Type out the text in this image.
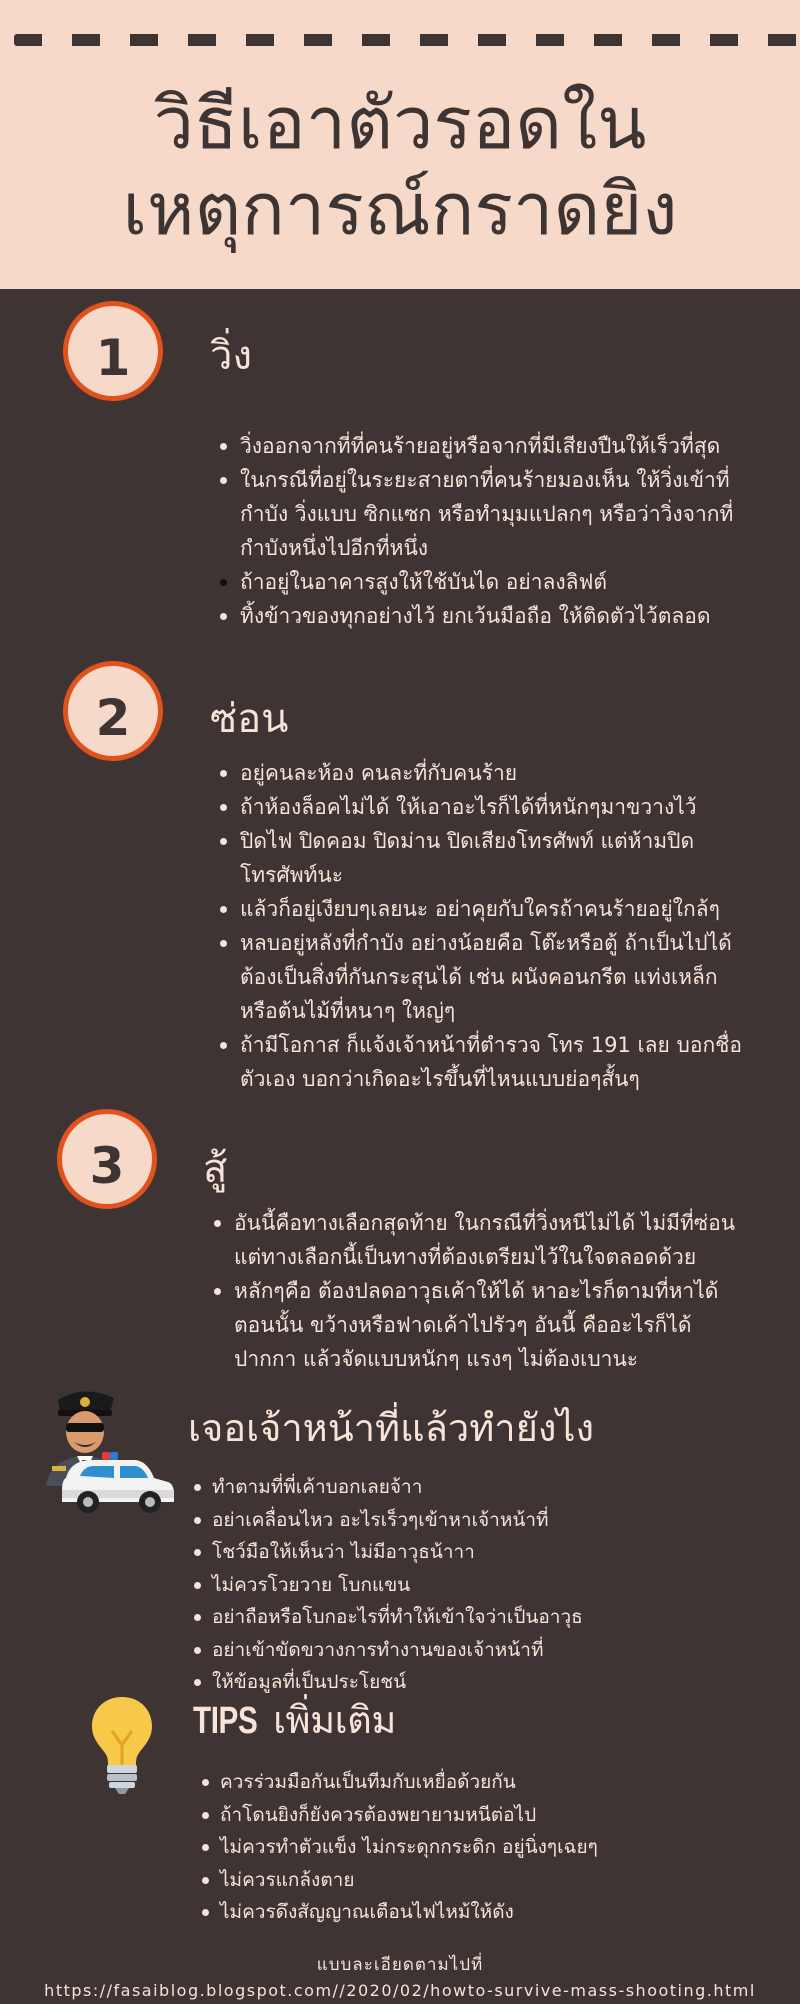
วิธีเอาตัวรอดใน
เหตุการณ์กราดยิง
1 วิ่ง
วิ่งออกจากที่ที่คนร้ายอยู่หรือจากที่มีเสียงปืนให้เร็วที่สุด
ในกรณีที่อยู่ในระยะสายตาที่คนร้ายมองเห็น ให้วิ่งเข้าที่กำบัง วิ่งแบบ ซิกแซก หรือทำมุมแปลกๆ หรือว่าวิ่งจากที่กำบังหนึ่งไปอีกที่หนึ่ง
ถ้าอยู่ในอาคารสูงให้ใช้บันได อย่าลงลิฟต์
ทิ้งข้าวของทุกอย่างไว้ ยกเว้นมือถือ ให้ติดตัวไว้ตลอด
2 ซ่อน
อยู่คนละห้อง คนละที่กับคนร้าย
ถ้าห้องล็อคไม่ได้ ให้เอาอะไรก็ได้ที่หนักๆมาขวางไว้
ปิดไฟ ปิดคอม ปิดม่าน ปิดเสียงโทรศัพท์ แต่ห้ามปิดโทรศัพท์นะ
แล้วก็อยู่เงียบๆเลยนะ อย่าคุยกับใครถ้าคนร้ายอยู่ใกล้ๆ
หลบอยู่หลังที่กำบัง อย่างน้อยคือ โต๊ะหรือตู้ ถ้าเป็นไปได้ ต้องเป็นสิ่งที่กันกระสุนได้ เช่น ผนังคอนกรีต แท่งเหล็ก หรือต้นไม้ที่หนาๆ ใหญ่ๆ
ถ้ามีโอกาส ก็แจ้งเจ้าหน้าที่ตำรวจ โทร 191 เลย บอกชื่อตัวเอง บอกว่าเกิดอะไรขึ้นที่ไหนแบบย่อๆสั้นๆ
3 สู้
อันนี้คือทางเลือกสุดท้าย ในกรณีที่วิ่งหนีไม่ได้ ไม่มีที่ซ่อน แต่ทางเลือกนี้เป็นทางที่ต้องเตรียมไว้ในใจตลอดด้วย
หลักๆคือ ต้องปลดอาวุธเค้าให้ได้ หาอะไรก็ตามที่หาได้ตอนนั้น ขว้างหรือฟาดเค้าไปรัวๆ อันนี้ คืออะไรก็ได้ ปากกา แล้วจัดแบบหนักๆ แรงๆ ไม่ต้องเบานะ
เจอเจ้าหน้าที่แล้วทำยังไง
ทำตามที่พี่เค้าบอกเลยจ้าา
อย่าเคลื่อนไหว อะไรเร็วๆเข้าหาเจ้าหน้าที่
โชว์มือให้เห็นว่า ไม่มีอาวุธน้าาา
ไม่ควรโวยวาย โบกแขน
อย่าถือหรือโบกอะไรที่ทำให้เข้าใจว่าเป็นอาวุธ
อย่าเข้าขัดขวางการทำงานของเจ้าหน้าที่
ให้ข้อมูลที่เป็นประโยชน์
TIPS เพิ่มเติม
ควรร่วมมือกันเป็นทีมกับเหยื่อด้วยกัน
ถ้าโดนยิงก็ยังควรต้องพยายามหนีต่อไป
ไม่ควรทำตัวแข็ง ไม่กระดุกกระดิก อยู่นิ่งๆเฉยๆ
ไม่ควรแกล้งตาย
ไม่ควรดึงสัญญาณเตือนไฟไหม้ให้ดัง
แบบละเอียดตามไปที่
https://fasaiblog.blogspot.com//2020/02/howto-survive-mass-shooting.html
